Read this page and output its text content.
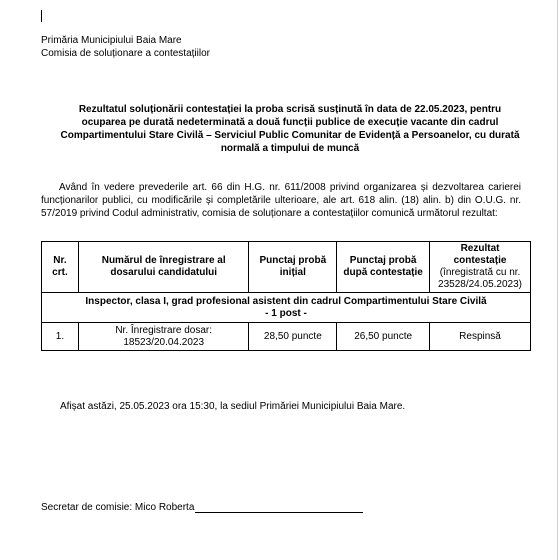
Primăria Municipiului Baia Mare
Comisia de soluționare a contestațiilor
Rezultatul soluționării contestației la proba scrisă susținută în data de 22.05.2023, pentru ocuparea pe durată nedeterminată a două funcții publice de execuție vacante din cadrul Compartimentului Stare Civilă – Serviciul Public Comunitar de Evidență a Persoanelor, cu durată normală a timpului de muncă
Având în vedere prevederile art. 66 din H.G. nr. 611/2008 privind organizarea și dezvoltarea carierei funcționarilor publici, cu modificările și completările ulterioare, ale art. 618 alin. (18) alin. b) din O.U.G. nr. 57/2019 privind Codul administrativ, comisia de soluționare a contestațiilor comunică următorul rezultat:
Nr. crt.	Numărul de înregistrare al dosarului candidatului	Punctaj probă inițial	Punctaj probă după contestație	Rezultat contestație
(înregistrată cu nr. 23528/24.05.2023)

Inspector, clasa I, grad profesional asistent din cadrul Compartimentului Stare Civilă
- 1 post -				

1.	Nr. Înregistrare dosar: 18523/20.04.2023	28,50 puncte	26,50 puncte	Respinsă
Afișat astăzi, 25.05.2023 ora 15:30, la sediul Primăriei Municipiului Baia Mare.
Secretar de comisie: Mico Roberta
